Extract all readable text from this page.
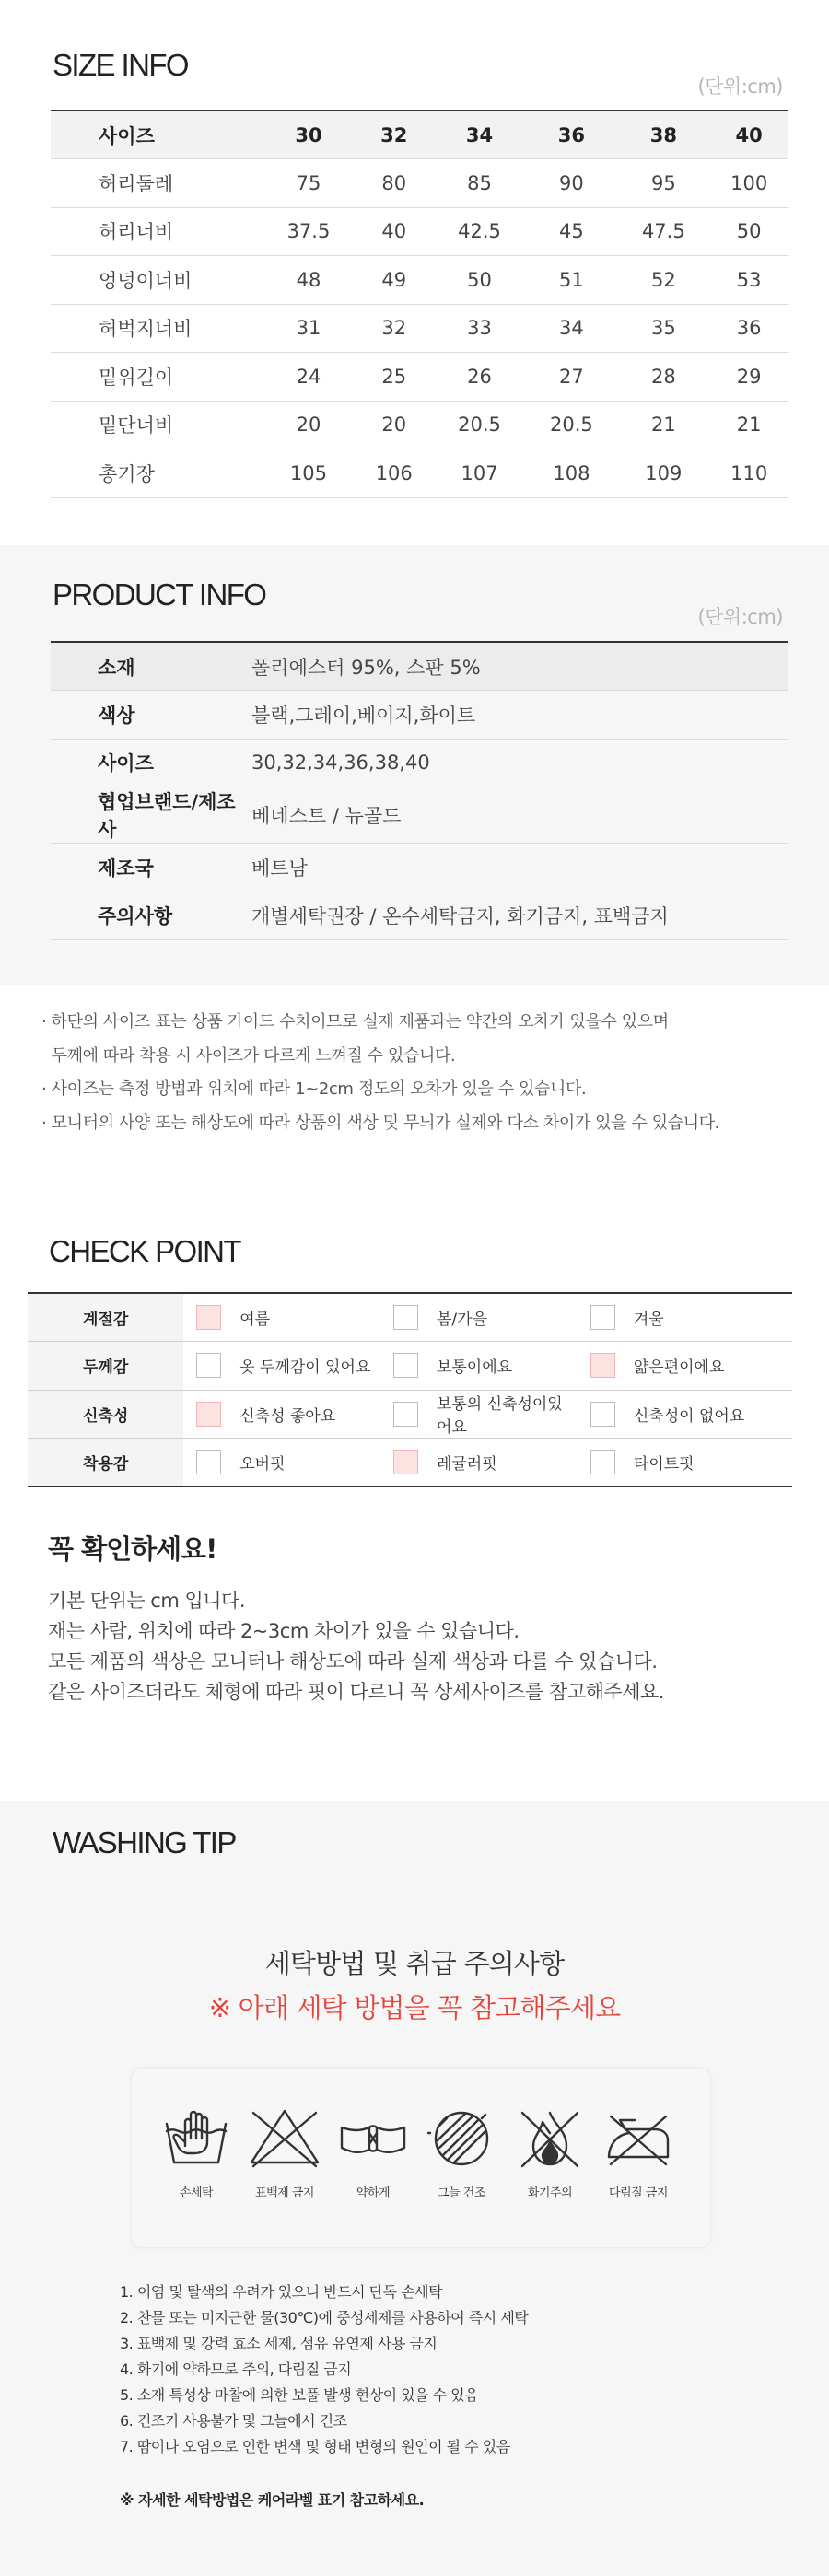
SIZE INFO
(단위:cm)
사이즈	30	32	34	36	38	40
허리둘레	75	80	85	90	95	100
허리너비	37.5	40	42.5	45	47.5	50
엉덩이너비	48	49	50	51	52	53
허벅지너비	31	32	33	34	35	36
밑위길이	24	25	26	27	28	29
밑단너비	20	20	20.5	20.5	21	21
총기장	105	106	107	108	109	110
PRODUCT INFO
(단위:cm)
소재	폴리에스터 95%, 스판 5%
색상	블랙,그레이,베이지,화이트
사이즈	30,32,34,36,38,40
협업브랜드/제조사	베네스트 / 뉴골드
제조국	베트남
주의사항	개별세탁권장 / 온수세탁금지, 화기금지, 표백금지

· 하단의 사이즈 표는 상품 가이드 수치이므로 실제 제품과는 약간의 오차가 있을수 있으며

두께에 따라 착용 시 사이즈가 다르게 느껴질 수 있습니다.

· 사이즈는 측정 방법과 위치에 따라 1~2cm 정도의 오차가 있을 수 있습니다.

· 모니터의 사양 또는 해상도에 따라 상품의 색상 및 무늬가 실제와 다소 차이가 있을 수 있습니다.

CHECK POINT
계절감	여름	봄/가을	겨울

두께감	옷 두께감이 있어요	보통이에요	얇은편이에요

신축성	신축성 좋아요	보통의 신축성이있어요	신축성이 없어요

착용감	오버핏	레귤러핏	타이트핏
꼭 확인하세요!

기본 단위는 cm 입니다.

재는 사람, 위치에 따라 2~3cm 차이가 있을 수 있습니다.

모든 제품의 색상은 모니터나 해상도에 따라 실제 색상과 다를 수 있습니다.

같은 사이즈더라도 체형에 따라 핏이 다르니 꼭 상세사이즈를 참고해주세요.

WASHING TIP
세탁방법 및 취급 주의사항
※ 아래 세탁 방법을 꼭 참고해주세요
손세탁	표백제 금지	약하게	그늘 건조	화기주의	다림질 금지

1. 이염 및 탈색의 우려가 있으니 반드시 단독 손세탁

2. 찬물 또는 미지근한 물(30℃)에 중성세제를 사용하여 즉시 세탁

3. 표백제 및 강력 효소 세제, 섬유 유연제 사용 금지

4. 화기에 약하므로 주의, 다림질 금지

5. 소재 특성상 마찰에 의한 보풀 발생 현상이 있을 수 있음

6. 건조기 사용불가 및 그늘에서 건조

7. 땀이나 오염으로 인한 변색 및 형태 변형의 원인이 될 수 있음

※ 자세한 세탁방법은 케어라벨 표기 참고하세요.
